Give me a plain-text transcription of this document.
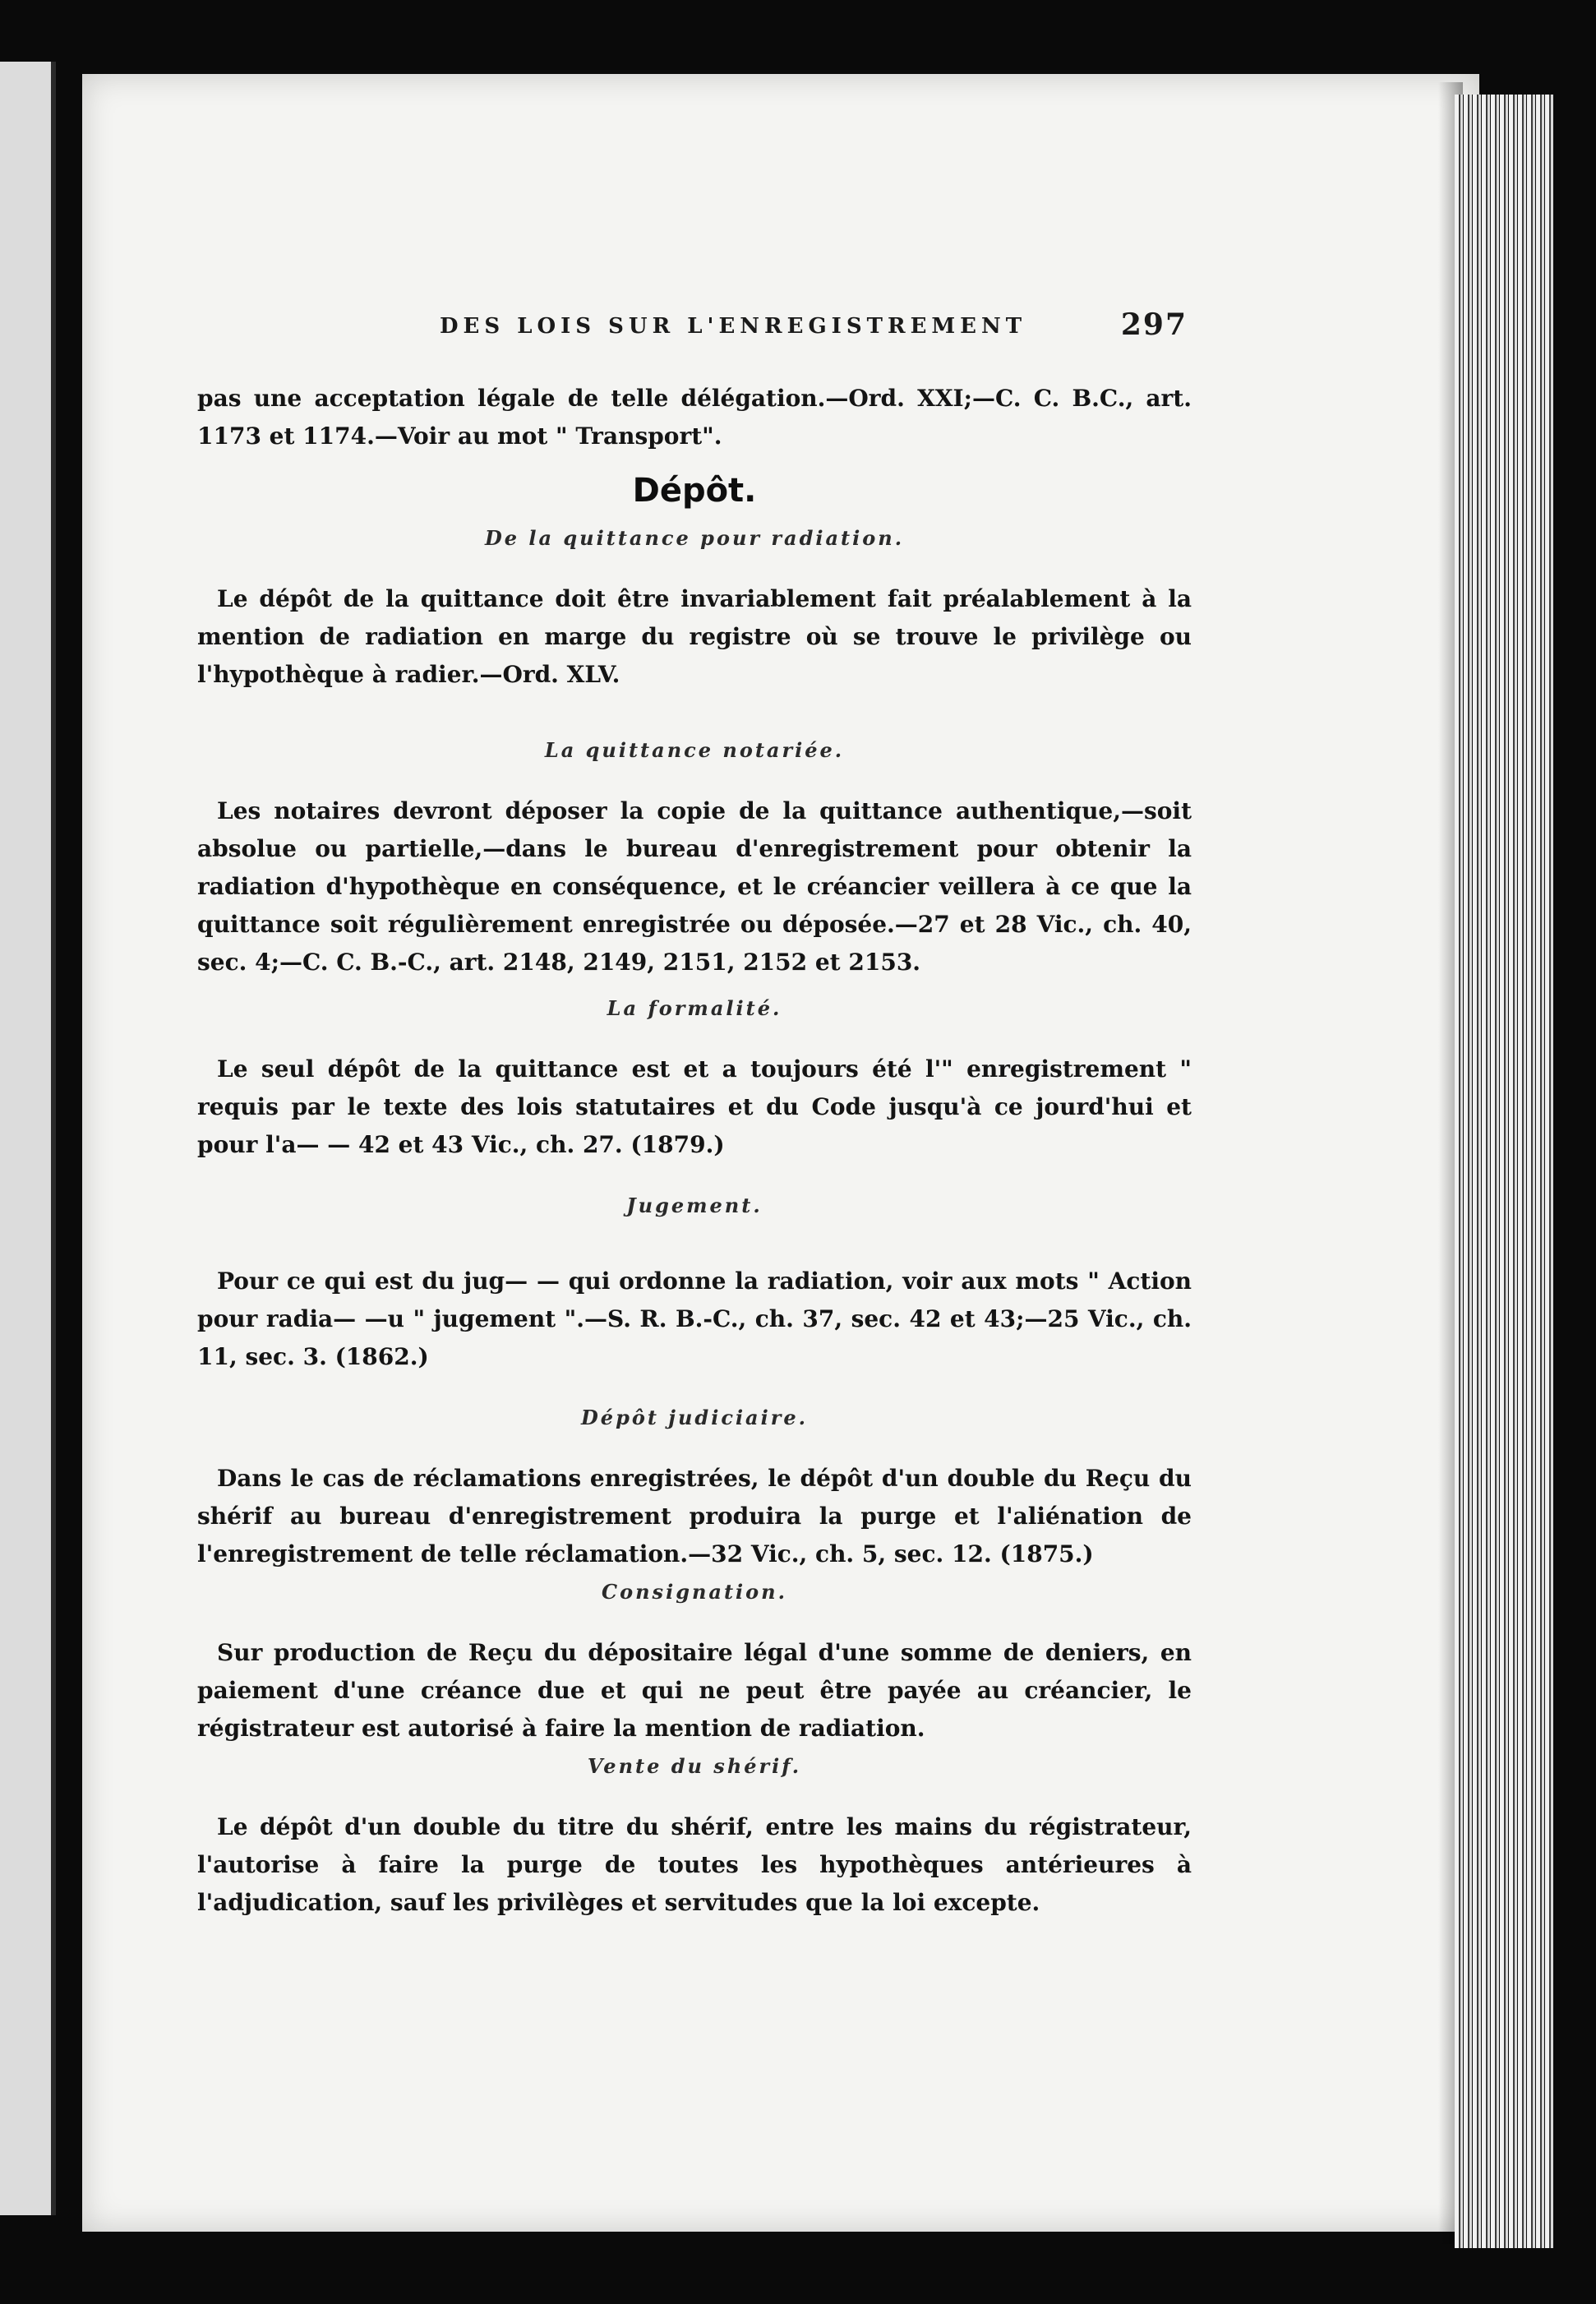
DES LOIS SUR L'ENREGISTREMENT	297

pas une acceptation légale de telle délégation.—Ord. XXI;—C. C. B.C., art. 1173 et 1174.—Voir au mot " Transport".

Dépôt.
De la quittance pour radiation.

Le dépôt de la quittance doit être invariablement fait préalablement à la mention de radiation en marge du registre où se trouve le privilège ou l'hypothèque à radier.—Ord. XLV.

La quittance notariée.

Les notaires devront déposer la copie de la quittance authentique,—soit absolue ou partielle,—dans le bureau d'enregistrement pour obtenir la radiation d'hypothèque en conséquence, et le créancier veillera à ce que la quittance soit régulièrement enregistrée ou déposée.—27 et 28 Vic., ch. 40, sec. 4;—C. C. B.-C., art. 2148, 2149, 2151, 2152 et 2153.

La formalité.

Le seul dépôt de la quittance est et a toujours été l'" enregistrement " requis par le texte des lois statutaires et du Code jusqu'à ce jourd'hui et pour l'a— — 42 et 43 Vic., ch. 27. (1879.)

Jugement.

Pour ce qui est du jug— — qui ordonne la radiation, voir aux mots " Action pour radia— —u " jugement ".—S. R. B.-C., ch. 37, sec. 42 et 43;—25 Vic., ch. 11, sec. 3. (1862.)

Dépôt judiciaire.

Dans le cas de réclamations enregistrées, le dépôt d'un double du Reçu du shérif au bureau d'enregistrement produira la purge et l'aliénation de l'enregistrement de telle réclamation.—32 Vic., ch. 5, sec. 12. (1875.)

Consignation.

Sur production de Reçu du dépositaire légal d'une somme de deniers, en paiement d'une créance due et qui ne peut être payée au créancier, le régistrateur est autorisé à faire la mention de radiation.

Vente du shérif.

Le dépôt d'un double du titre du shérif, entre les mains du régistrateur, l'autorise à faire la purge de toutes les hypothèques antérieures à l'adjudication, sauf les privilèges et servitudes que la loi excepte.
